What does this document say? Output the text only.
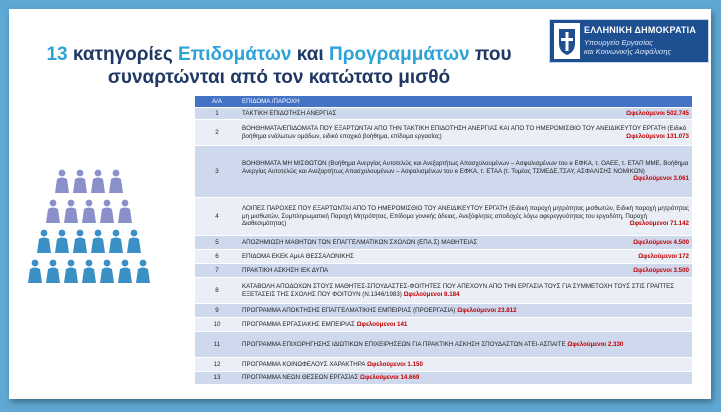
13 κατηγορίες Επιδομάτων και Προγραμμάτων που
συναρτώνται από τον κατώτατο μισθό
ΕΛΛΗΝΙΚΗ ΔΗΜΟΚΡΑΤΙΑ
Υπουργείο Εργασίας
και Κοινωνικής Ασφάλισης
Α/Α	ΕΠΙΔΟΜΑ /ΠΑΡΟΧΗ
1	ΤΑΚΤΙΚΗ ΕΠΙΔΟΤΗΣΗ ΑΝΕΡΓΙΑΣ Ωφελούμενοι 502.745

2	ΒΟΗΘΗΜΑΤΑ/ΕΠΙΔΟΜΑΤΑ ΠΟΥ ΕΞΑΡΤΩΝΤΑΙ ΑΠΟ ΤΗΝ ΤΑΚΤΙΚΗ ΕΠΙΔΟΤΗΣΗ ΑΝΕΡΓΙΑΣ ΚΑΙ ΑΠΟ ΤΟ ΗΜΕΡΟΜΙΣΘΙΟ ΤΟΥ ΑΝΕΙΔΙΚΕΥΤΟΥ ΕΡΓΑΤΗ (Ειδικό βοήθημα ενάλωτων ομάδων, ειδικό εποχικό βοήθημα, επίδομα εργασίας) Ωφελούμενοι 131.073

3	ΒΟΗΘΗΜΑΤΑ ΜΗ ΜΙΣΘΩΤΩΝ (Βοήθημα Ανεργίας Αυτοτελώς και Ανεξαρτήτως Απασχολουμένων – Ασφαλισμένων του e ΕΦΚΑ, τ. ΟΑΕΕ, τ. ΕΤΑΠ ΜΜΕ, Βοήθημα Ανεργίας Αυτοτελώς και Ανεξαρτήτως Απασχολουμένων – Ασφαλισμένων του e ΕΦΚΑ, τ. ΕΤΑΑ (τ. Τομέας ΤΣΜΕΔΕ,ΤΣΑΥ, ΑΣΦΑΛΙΣΗΣ ΝΟΜΙΚΩΝ)

Ωφελούμενοι 3.061

4	ΛΟΙΠΕΣ ΠΑΡΟΧΕΣ ΠΟΥ ΕΞΑΡΤΩΝΤΑΙ ΑΠΟ ΤΟ ΗΜΕΡΟΜΙΣΘΙΟ ΤΟΥ ΑΝΕΙΔΙΚΕΥΤΟΥ ΕΡΓΑΤΗ (Ειδική παροχή μητρότητας μισθωτών, Ειδική παροχή μητρότητας μη μισθωτών, Συμπληρωματική Παροχή Μητρότητας, Επίδομα γονικής άδειας, Ανεξόφλητες αποδοχές λόγω αφερεγγυότητας του εργοδότη, Παροχή Διαθεσιμότητας) Ωφελούμενοι 71.142

5	ΑΠΟΖΗΜΙΩΣΗ ΜΑΘΗΤΩΝ ΤΩΝ ΕΠΑΓΓΕΛΜΑΤΙΚΩΝ ΣΧΟΛΩΝ (ΕΠΑ.Σ) ΜΑΘΗΤΕΙΑΣ Ωφελούμενοι 4.500

6	ΕΠΙΔΟΜΑ ΕΚΕΚ ΑμεΑ ΘΕΣΣΑΛΟΝΙΚΗΣ Ωφελούμενοι 172

7	ΠΡΑΚΤΙΚΗ ΑΣΚΗΣΗ ΙΕΚ ΔΥΠΑ Ωφελούμενοι 3.500

8	ΚΑΤΑΒΟΛΗ ΑΠΟΔΟΧΩΝ ΣΤΟΥΣ ΜΑΘΗΤΕΣ-ΣΠΟΥΔΑΣΤΕΣ-ΦΟΙΤΗΤΕΣ ΠΟΥ ΑΠΕΧΟΥΝ ΑΠΟ ΤΗΝ ΕΡΓΑΣΙΑ ΤΟΥΣ ΓΙΑ ΣΥΜΜΕΤΟΧΗ ΤΟΥΣ ΣΤΙΣ ΓΡΑΠΤΕΣ ΕΞΕΤΑΣΕΙΣ ΤΗΣ ΣΧΟΛΗΣ ΠΟΥ ΦΟΙΤΟΥΝ (Ν.1346/1983) Ωφελούμενοι 8.184
9	ΠΡΟΓΡΑΜΜΑ ΑΠΟΚΤΗΣΗΣ ΕΠΑΓΓΕΛΜΑΤΙΚΗΣ ΕΜΠΕΙΡΙΑΣ (ΠΡΟΕΡΓΑΣΙΑ) Ωφελούμενοι 23.812
10	ΠΡΟΓΡΑΜΜΑ ΕΡΓΑΣΙΑΚΗΣ ΕΜΠΕΙΡΙΑΣ Ωφελούμενοι 141
11	ΠΡΟΓΡΑΜΜΑ ΕΠΙΧΟΡΗΓΗΣΗΣ ΙΔΙΩΤΙΚΩΝ ΕΠΙΧΕΙΡΗΣΕΩΝ ΓΙΑ ΠΡΑΚΤΙΚΗ ΑΣΚΗΣΗ ΣΠΟΥΔΑΣΤΩΝ ΑΤΕΙ-ΑΣΠΑΙΤΕ Ωφελούμενοι 2.330
12	ΠΡΟΓΡΑΜΜΑ ΚΟΙΝΩΦΕΛΟΥΣ ΧΑΡΑΚΤΗΡΑ Ωφελούμενοι 1.150
13	ΠΡΟΓΡΑΜΜΑ ΝΕΩΝ ΘΕΣΕΩΝ ΕΡΓΑΣΙΑΣ Ωφελούμενοι 14.669
